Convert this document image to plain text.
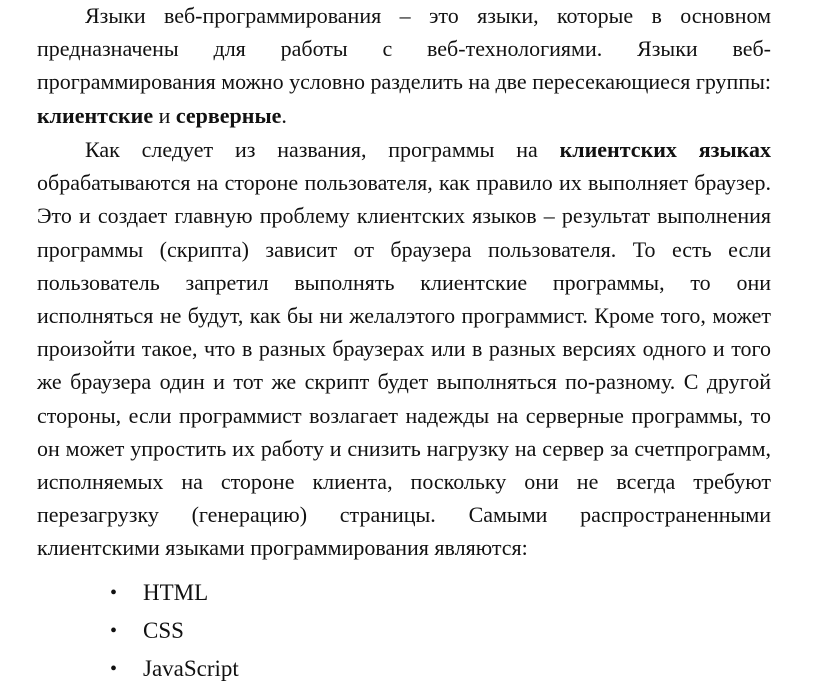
Языки веб-программирования – это языки, которые в основном предназначены для работы с веб-технологиями. Языки веб-программирования можно условно разделить на две пересекающиеся группы: клиентские и серверные.

Как следует из названия, программы на клиентских языках обрабатываются на стороне пользователя, как правило их выполняет браузер. Это и создает главную проблему клиентских языков – результат выполнения программы (скрипта) зависит от браузера пользователя. То есть если пользователь запретил выполнять клиентские программы, то они исполняться не будут, как бы ни желалэтого программист. Кроме того, может произойти такое, что в разных браузерах или в разных версиях одного и того же браузера один и тот же скрипт будет выполняться по-разному. С другой стороны, если программист возлагает надежды на серверные программы, то он может упростить их работу и снизить нагрузку на сервер за счетпрограмм, исполняемых на стороне клиента, поскольку они не всегда требуют перезагрузку (генерацию) страницы. Самыми распространенными клиентскими языками программирования являются:

• HTML
• CSS
• JavaScript
